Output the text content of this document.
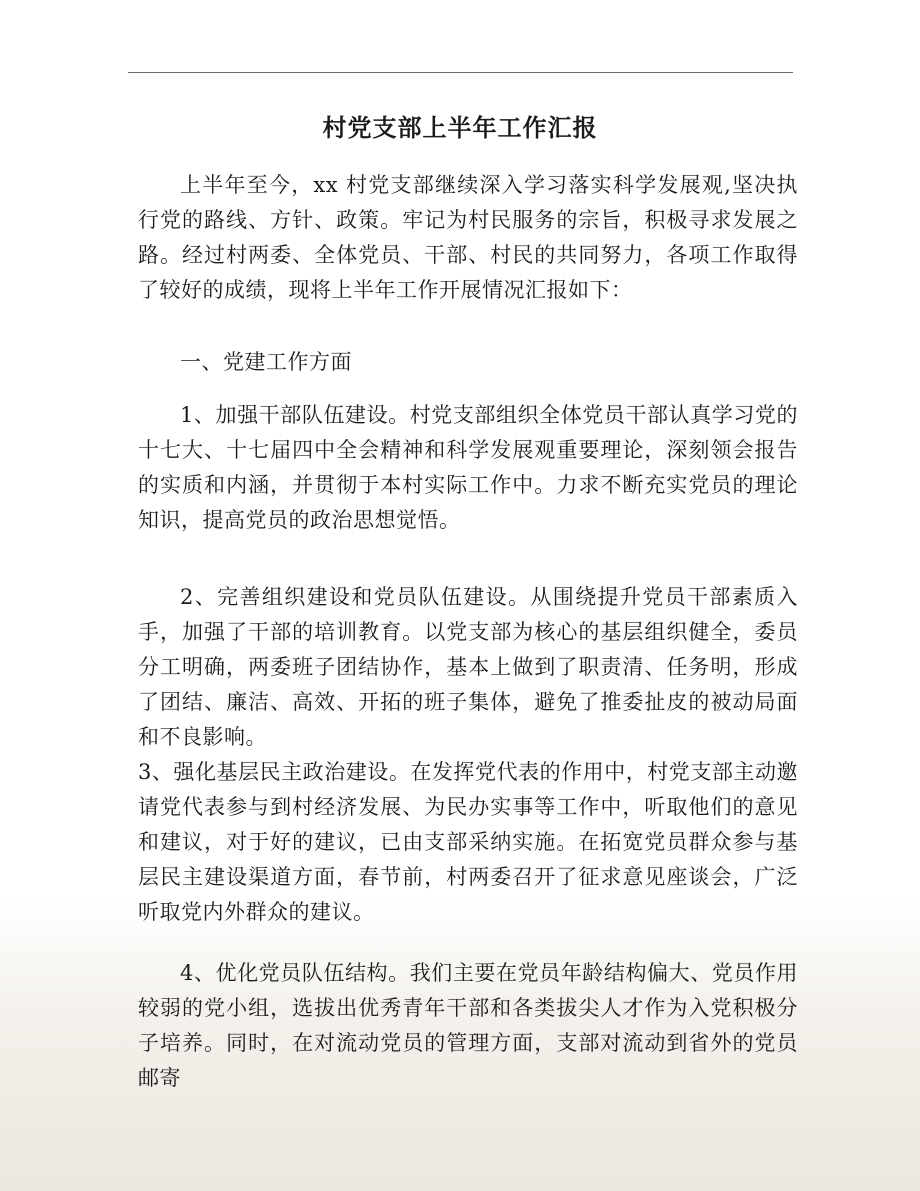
村党支部上半年工作汇报

上半年至今，xx 村党支部继续深入学习落实科学发展观,坚决执行党的路线、方针、政策。牢记为村民服务的宗旨，积极寻求发展之路。经过村两委、全体党员、干部、村民的共同努力，各项工作取得了较好的成绩，现将上半年工作开展情况汇报如下：

一、党建工作方面

1、加强干部队伍建设。村党支部组织全体党员干部认真学习党的十七大、十七届四中全会精神和科学发展观重要理论，深刻领会报告的实质和内涵，并贯彻于本村实际工作中。力求不断充实党员的理论知识，提高党员的政治思想觉悟。

2、完善组织建设和党员队伍建设。从围绕提升党员干部素质入手，加强了干部的培训教育。以党支部为核心的基层组织健全，委员分工明确，两委班子团结协作，基本上做到了职责清、任务明，形成了团结、廉洁、高效、开拓的班子集体，避免了推委扯皮的被动局面和不良影响。

3、强化基层民主政治建设。在发挥党代表的作用中，村党支部主动邀请党代表参与到村经济发展、为民办实事等工作中，听取他们的意见和建议，对于好的建议，已由支部采纳实施。在拓宽党员群众参与基层民主建设渠道方面，春节前，村两委召开了征求意见座谈会，广泛听取党内外群众的建议。

4、优化党员队伍结构。我们主要在党员年龄结构偏大、党员作用较弱的党小组，选拔出优秀青年干部和各类拔尖人才作为入党积极分子培养。同时，在对流动党员的管理方面，支部对流动到省外的党员邮寄
